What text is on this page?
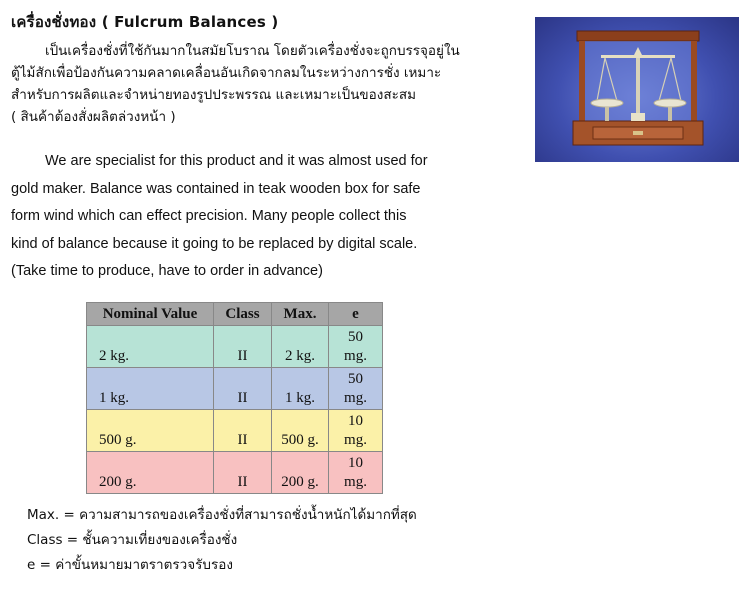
เครื่องชั่งทอง ( Fulcrum Balances )

เป็นเครื่องชั่งที่ใช้กันมากในสมัยโบราณ โดยตัวเครื่องชั่งจะถูกบรรจุอยู่ใน

ตู้ไม้สักเพื่อป้องกันความคลาดเคลื่อนอันเกิดจากลมในระหว่างการชั่ง เหมาะ

สำหรับการผลิตและจำหน่ายทองรูปประพรรณ และเหมาะเป็นของสะสม

( สินค้าต้องสั่งผลิตล่วงหน้า )

We are specialist for this product and it was almost used for

gold maker. Balance was contained in teak wooden box for safe

form wind which can effect precision. Many people collect this

kind of balance because it going to be replaced by digital scale.

(Take time to produce, have to order in advance)

Nominal Value	Class	Max.	e
2 kg.	II	2 kg.	50
mg.
1 kg.	II	1 kg.	50
mg.
500 g.	II	500 g.	10
mg.
200 g.	II	200 g.	10
mg.

Max. = ความสามารถของเครื่องชั่งที่สามารถชั่งน้ำหนักได้มากที่สุด

Class = ชั้นความเที่ยงของเครื่องชั่ง

e = ค่าขั้นหมายมาตราตรวจรับรอง
